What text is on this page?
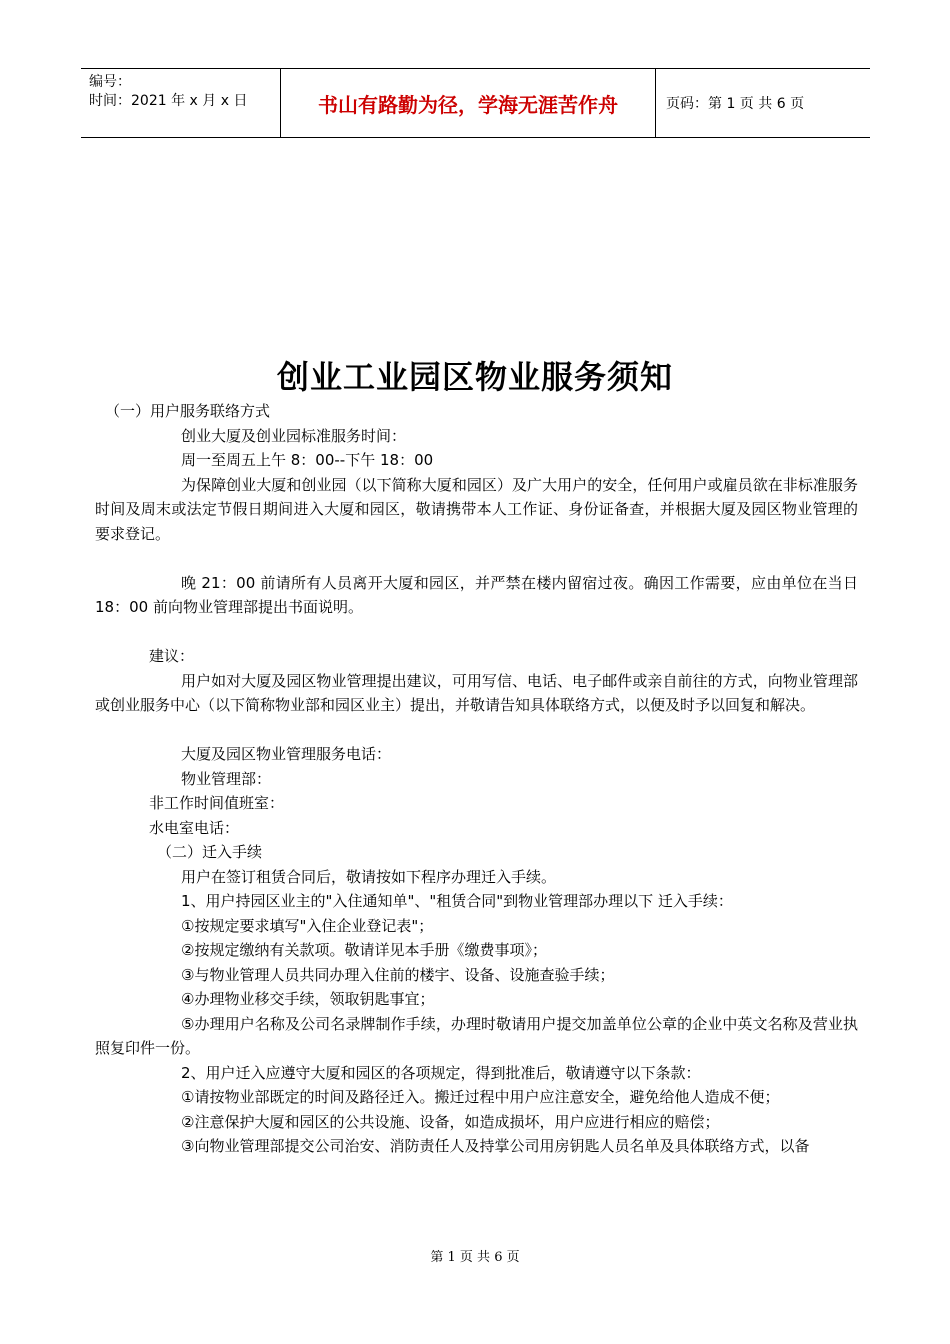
编号：
时间：2021 年 x 月 x 日	书山有路勤为径，学海无涯苦作舟	页码：第 1 页 共 6 页
创业工业园区物业服务须知

（一）用户服务联络方式

创业大厦及创业园标准服务时间：

周一至周五上午 8：00--下午 18：00

为保障创业大厦和创业园（以下简称大厦和园区）及广大用户的安全，任何用户或雇员欲在非标准服务时间及周末或法定节假日期间进入大厦和园区，敬请携带本人工作证、身份证备查，并根据大厦及园区物业管理的要求登记。

晚 21：00 前请所有人员离开大厦和园区，并严禁在楼内留宿过夜。确因工作需要，应由单位在当日 18：00 前向物业管理部提出书面说明。

建议：

用户如对大厦及园区物业管理提出建议，可用写信、电话、电子邮件或亲自前往的方式，向物业管理部或创业服务中心（以下简称物业部和园区业主）提出，并敬请告知具体联络方式，以便及时予以回复和解决。

大厦及园区物业管理服务电话：

物业管理部：

非工作时间值班室：

水电室电话：

（二）迁入手续

用户在签订租赁合同后，敬请按如下程序办理迁入手续。

1、用户持园区业主的"入住通知单"、"租赁合同"到物业管理部办理以下 迁入手续：

①按规定要求填写"入住企业登记表"；

②按规定缴纳有关款项。敬请详见本手册《缴费事项》；

③与物业管理人员共同办理入住前的楼宇、设备、设施查验手续；

④办理物业移交手续，领取钥匙事宜；

⑤办理用户名称及公司名录牌制作手续，办理时敬请用户提交加盖单位公章的企业中英文名称及营业执照复印件一份。

2、用户迁入应遵守大厦和园区的各项规定，得到批准后，敬请遵守以下条款：

①请按物业部既定的时间及路径迁入。搬迁过程中用户应注意安全，避免给他人造成不便；

②注意保护大厦和园区的公共设施、设备，如造成损坏，用户应进行相应的赔偿；

③向物业管理部提交公司治安、消防责任人及持掌公司用房钥匙人员名单及具体联络方式，以备

第 1 页 共 6 页
